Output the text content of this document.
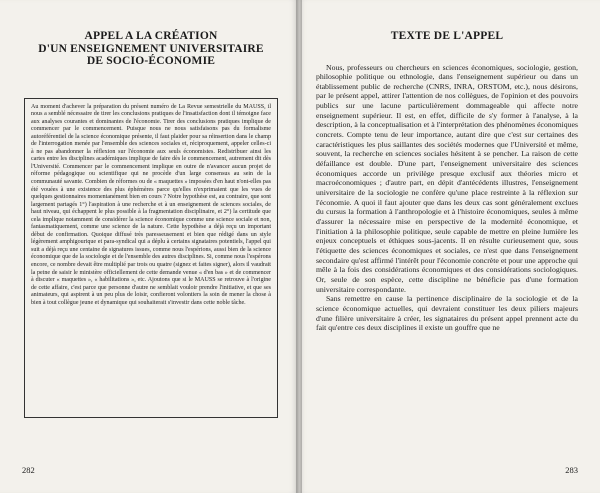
APPEL A LA CRÉATION
D'UN ENSEIGNEMENT UNIVERSITAIRE
DE SOCIO-ÉCONOMIE
Au moment d'achever la préparation du présent numéro de La Revue semestrielle du MAUSS, il nous a semblé nécessaire de tirer les conclusions pratiques de l'insatisfaction dont il témoigne face aux analyses courantes et dominantes de l'économie. Tirer des conclusions pratiques implique de commencer par le commencement. Puisque nous ne nous satisfaisons pas du formalisme autoréférentiel de la science économique présente, il faut plaider pour sa réinsertion dans le champ de l'interrogation menée par l'ensemble des sciences sociales et, réciproquement, appeler celles-ci à ne pas abandonner la réflexion sur l'économie aux seuls économistes. Redistribuer ainsi les cartes entre les disciplines académiques implique de faire dès le commencement, autrement dit dès l'Université. Commencer par le commencement implique en outre de n'avancer aucun projet de réforme pédagogique ou scientifique qui ne procède d'un large consensus au sein de la communauté savante. Combien de réformes ou de « maquettes » imposées d'en haut n'ont-elles pas été vouées à une existence des plus éphémères parce qu'elles n'exprimaient que les vues de quelques gestionnaires momentanément bien en cours ? Notre hypothèse est, au contraire, que sont largement partagés 1°) l'aspiration à une recherche et à un enseignement de sciences sociales, de haut niveau, qui échappent le plus possible à la fragmentation disciplinaire, et 2°) la certitude que cela implique notamment de considérer la science économique comme une science sociale et non, fantasmatiquement, comme une science de la nature. Cette hypothèse a déjà reçu un important début de confirmation. Quoique diffusé très paresseusement et bien que rédigé dans un style légèrement amphigourique et para-syndical qui a déplu à certains signataires potentiels, l'appel qui suit a déjà reçu une centaine de signatures issues, comme nous l'espérions, aussi bien de la science économique que de la sociologie et de l'ensemble des autres disciplines. Si, comme nous l'espérons encore, ce nombre devait être multiplié par trois ou quatre (signez et faites signer), alors il vaudrait la peine de saisir le ministère officiellement de cette demande venue « d'en bas » et de commencer à discuter « maquettes », « habilitations », etc. Ajoutons que si le MAUSS se retrouve à l'origine de cette affaire, c'est parce que personne d'autre ne semblait vouloir prendre l'initiative, et que ses animateurs, qui aspirent à un peu plus de loisir, confieront volontiers la soin de mener la chose à bien à tout collègue jeune et dynamique qui souhaiterait s'investir dans cette noble tâche.
282
TEXTE DE L'APPEL

Nous, professeurs ou chercheurs en sciences économiques, sociologie, gestion, philosophie politique ou ethnologie, dans l'enseignement supérieur ou dans un établissement public de recherche (CNRS, INRA, ORSTOM, etc.), nous désirons, par le présent appel, attirer l'attention de nos collègues, de l'opinion et des pouvoirs publics sur une lacune particulièrement dommageable qui affecte notre enseignement supérieur. Il est, en effet, difficile de s'y former à l'analyse, à la description, à la conceptualisation et à l'interprétation des phénomènes économiques concrets. Compte tenu de leur importance, autant dire que c'est sur certaines des caractéristiques les plus saillantes des sociétés modernes que l'Université et même, souvent, la recherche en sciences sociales hésitent à se pencher. La raison de cette défaillance est double. D'une part, l'enseignement universitaire des sciences économiques accorde un privilège presque exclusif aux théories micro et macroéconomiques ; d'autre part, en dépit d'antécédents illustres, l'enseignement universitaire de la sociologie ne confère qu'une place restreinte à la réflexion sur l'économie. A quoi il faut ajouter que dans les deux cas sont généralement exclues du cursus la formation à l'anthropologie et à l'histoire économiques, seules à même d'assurer la nécessaire mise en perspective de la modernité économique, et l'initiation à la philosophie politique, seule capable de mettre en pleine lumière les enjeux conceptuels et éthiques sous-jacents. Il en résulte curieusement que, sous l'étiquette des sciences économiques et sociales, ce n'est que dans l'enseignement secondaire qu'est affirmé l'intérêt pour l'économie concrète et pour une approche qui mêle à la fois des considérations économiques et des considérations sociologiques. Or, seule de son espèce, cette discipline ne bénéficie pas d'une formation universitaire correspondante.

Sans remettre en cause la pertinence disciplinaire de la sociologie et de la science économique actuelles, qui devraient constituer les deux piliers majeurs d'une filière universitaire à créer, les signataires du présent appel prennent acte du fait qu'entre ces deux disciplines il existe un gouffre que ne

283
